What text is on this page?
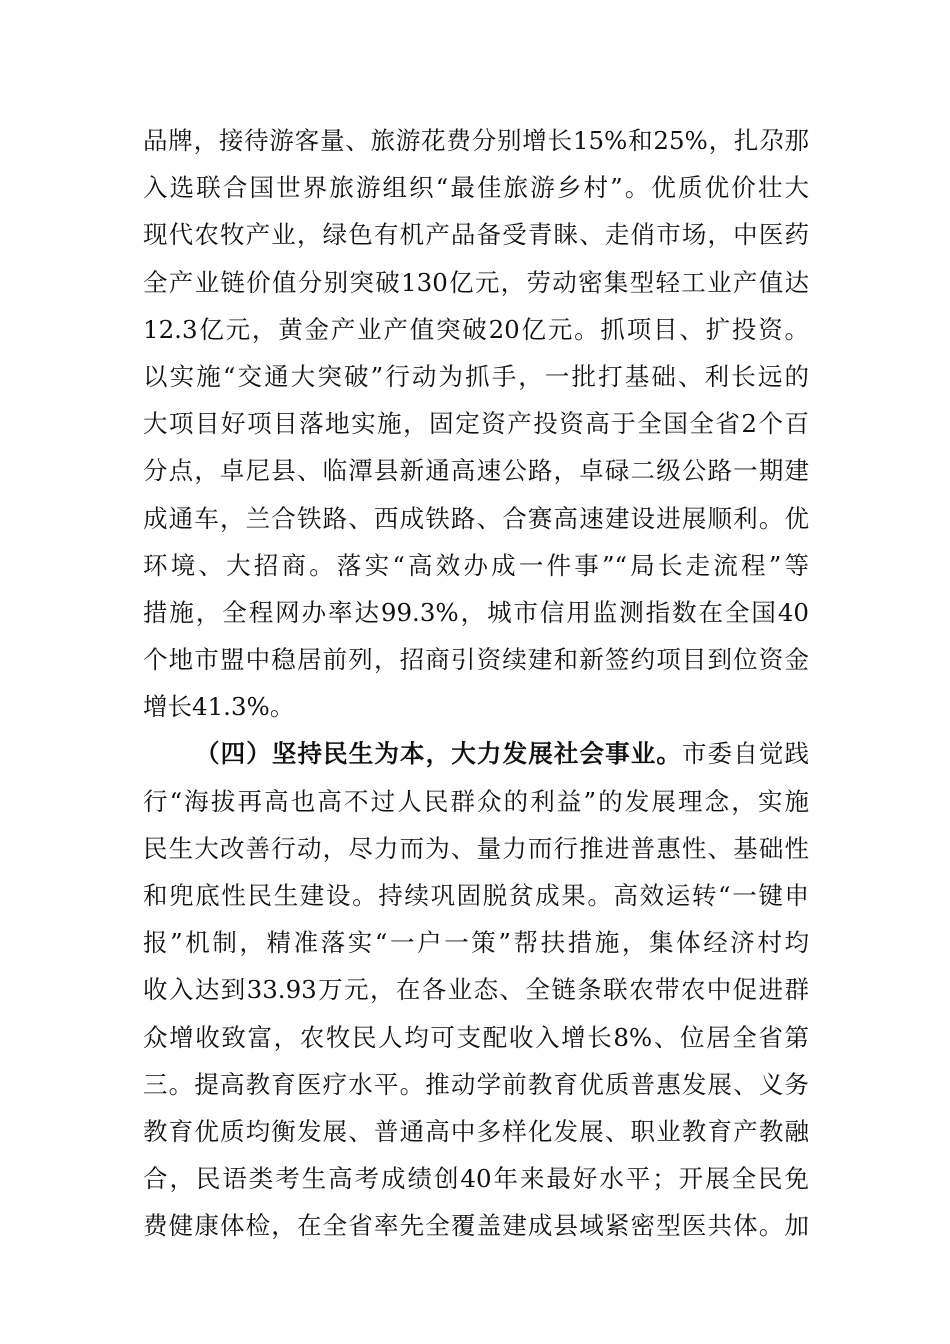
品牌，接待游客量、旅游花费分别增长15%和25%，扎尕那
入选联合国世界旅游组织“最佳旅游乡村”。优质优价壮大
现代农牧产业，绿色有机产品备受青睐、走俏市场，中医药
全产业链价值分别突破130亿元，劳动密集型轻工业产值达
12.3亿元，黄金产业产值突破20亿元。抓项目、扩投资。
以实施“交通大突破”行动为抓手，一批打基础、利长远的
大项目好项目落地实施，固定资产投资高于全国全省2个百
分点，卓尼县、临潭县新通高速公路，卓碌二级公路一期建
成通车，兰合铁路、西成铁路、合赛高速建设进展顺利。优
环境、大招商。落实“高效办成一件事”“局长走流程”等
措施，全程网办率达99.3%，城市信用监测指数在全国40
个地市盟中稳居前列，招商引资续建和新签约项目到位资金
增长41.3%。
（四）坚持民生为本，大力发展社会事业。市委自觉践
行“海拔再高也高不过人民群众的利益”的发展理念，实施
民生大改善行动，尽力而为、量力而行推进普惠性、基础性
和兜底性民生建设。持续巩固脱贫成果。高效运转“一键申
报”机制，精准落实“一户一策”帮扶措施，集体经济村均
收入达到33.93万元，在各业态、全链条联农带农中促进群
众增收致富，农牧民人均可支配收入增长8%、位居全省第
三。提高教育医疗水平。推动学前教育优质普惠发展、义务
教育优质均衡发展、普通高中多样化发展、职业教育产教融
合，民语类考生高考成绩创40年来最好水平；开展全民免
费健康体检，在全省率先全覆盖建成县域紧密型医共体。加
